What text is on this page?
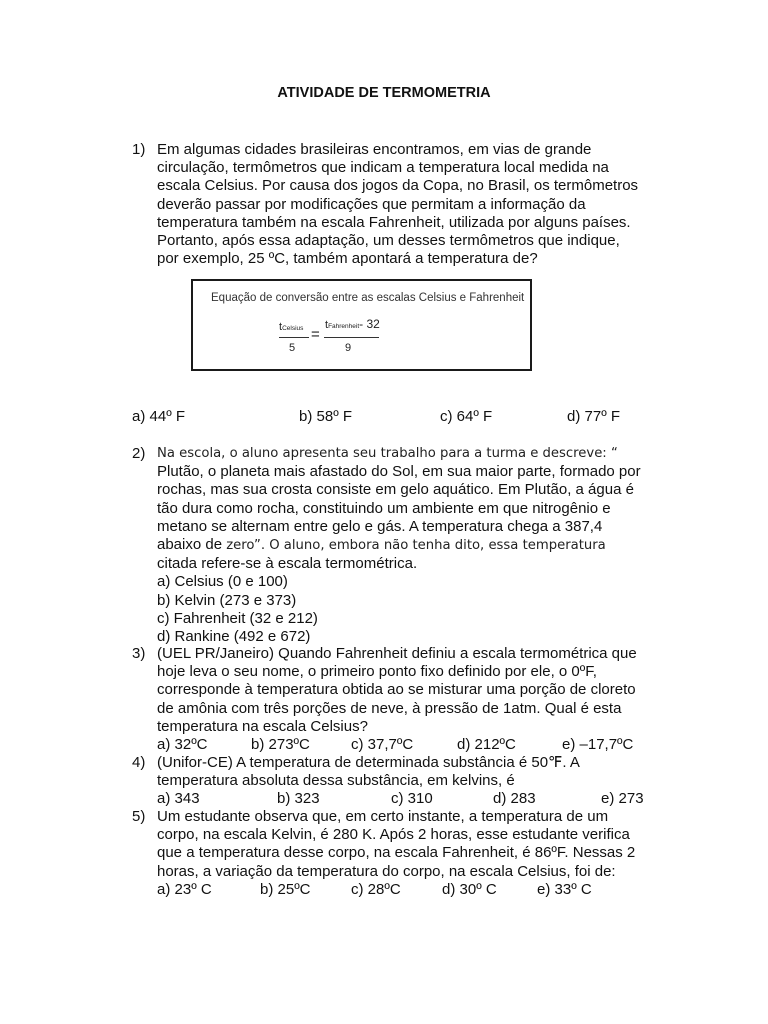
ATIVIDADE DE TERMOMETRIA
1) Em algumas cidades brasileiras encontramos, em vias de grande
circulação, termômetros que indicam a temperatura local medida na
escala Celsius. Por causa dos jogos da Copa, no Brasil, os termômetros
deverão passar por modificações que permitam a informação da
temperatura também na escala Fahrenheit, utilizada por alguns países.
Portanto, após essa adaptação, um desses termômetros que indique,
por exemplo, 25 ºC, também apontará a temperatura de?
Equação de conversão entre as escalas Celsius e Fahrenheit
tCelsius
5
=
tFahrenheit- 32
9
a) 44º F	b) 58º F	c) 64º F	d) 77º F
2) Na escola, o aluno apresenta seu trabalho para a turma e descreve: “
Plutão, o planeta mais afastado do Sol, em sua maior parte, formado por
rochas, mas sua crosta consiste em gelo aquático. Em Plutão, a água é
tão dura como rocha, constituindo um ambiente em que nitrogênio e
metano se alternam entre gelo e gás. A temperatura chega a 387,4
abaixo de zero”. O aluno, embora não tenha dito, essa temperatura
citada refere-se à escala termométrica.
a) Celsius (0 e 100)
b) Kelvin (273 e 373)
c) Fahrenheit (32 e 212)
d) Rankine (492 e 672)
3) (UEL PR/Janeiro) Quando Fahrenheit definiu a escala termométrica que
hoje leva o seu nome, o primeiro ponto fixo definido por ele, o 0ºF,
corresponde à temperatura obtida ao se misturar uma porção de cloreto
de amônia com três porções de neve, à pressão de 1atm. Qual é esta
temperatura na escala Celsius?
a) 32ºC	b) 273ºC	c) 37,7ºC	d) 212ºC	e) –17,7ºC
4) (Unifor-CE) A temperatura de determinada substância é 50℉. A
temperatura absoluta dessa substância, em kelvins, é
a) 343	b) 323	c) 310	d) 283	e) 273
5) Um estudante observa que, em certo instante, a temperatura de um
corpo, na escala Kelvin, é 280 K. Após 2 horas, esse estudante verifica
que a temperatura desse corpo, na escala Fahrenheit, é 86ºF. Nessas 2
horas, a variação da temperatura do corpo, na escala Celsius, foi de:
a) 23º C	b) 25ºC	c) 28ºC	d) 30º C	e) 33º C
